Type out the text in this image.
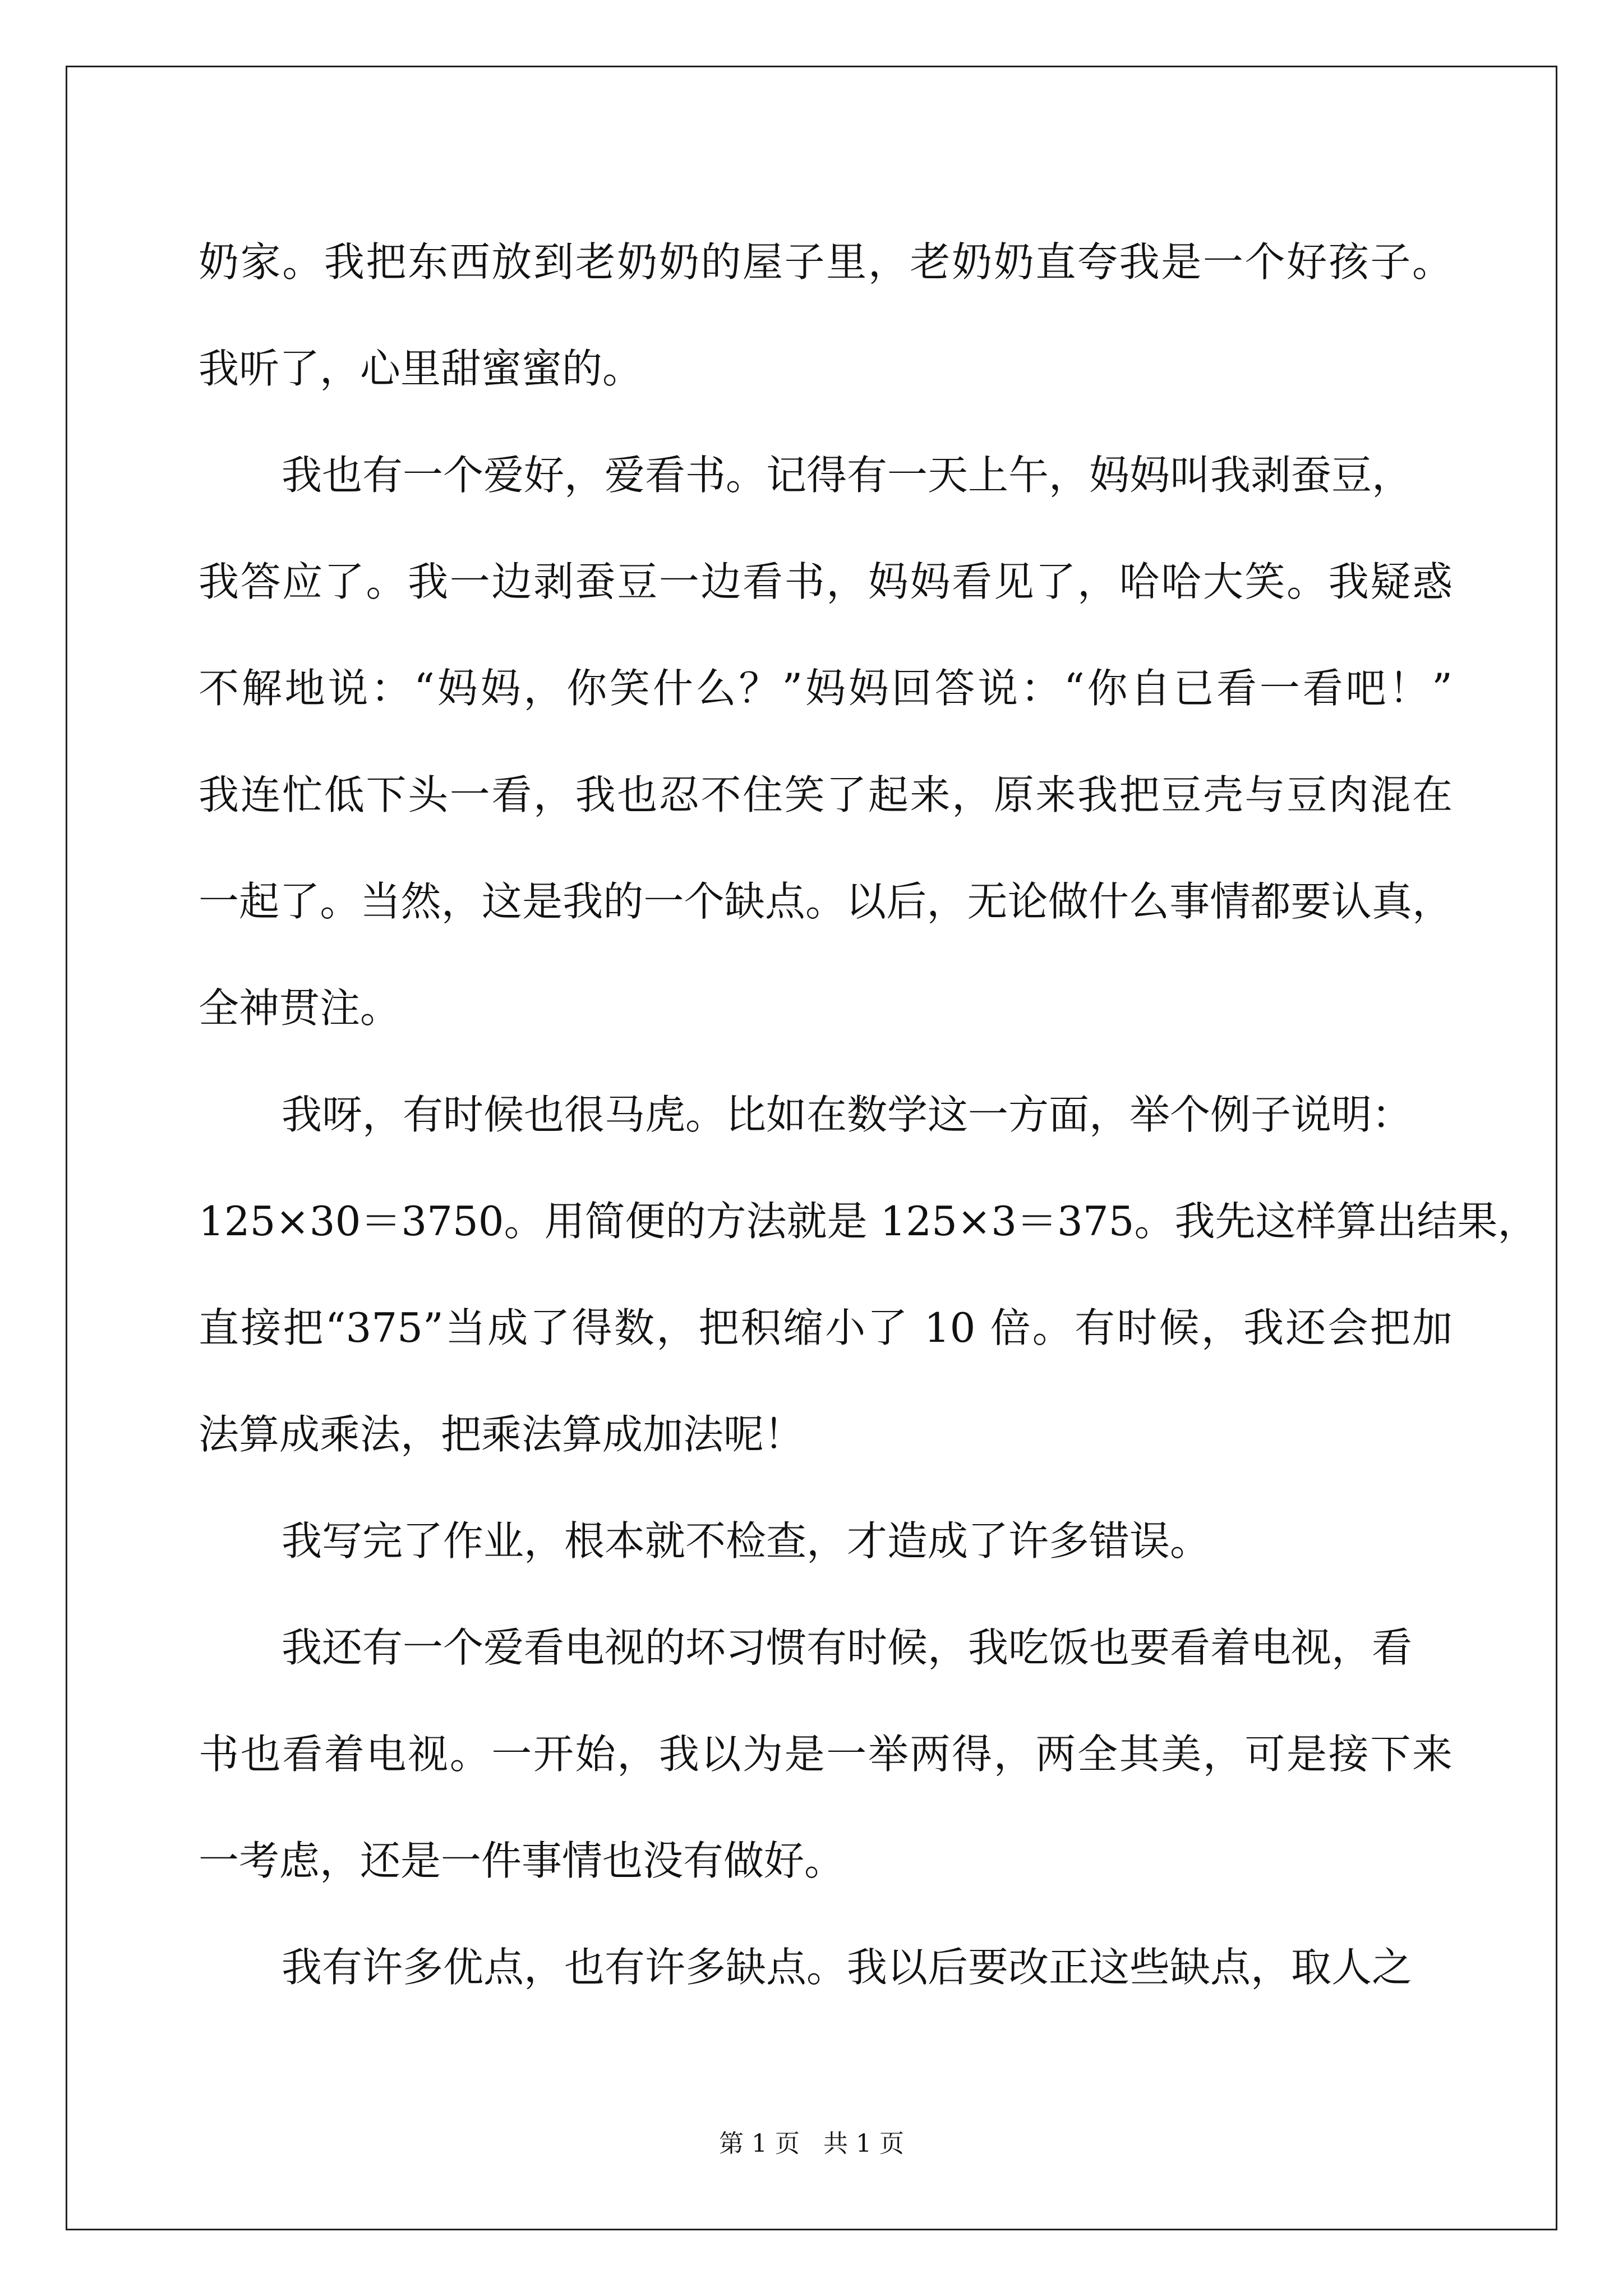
奶家。我把东西放到老奶奶的屋子里，老奶奶直夸我是一个好孩子。
我听了，心里甜蜜蜜的。
我也有一个爱好，爱看书。记得有一天上午，妈妈叫我剥蚕豆，
我答应了。我一边剥蚕豆一边看书，妈妈看见了，哈哈大笑。我疑惑
不解地说：“妈妈，你笑什么？”妈妈回答说：“你自已看一看吧！”
我连忙低下头一看，我也忍不住笑了起来，原来我把豆壳与豆肉混在
一起了。当然，这是我的一个缺点。以后，无论做什么事情都要认真，
全神贯注。
我呀，有时候也很马虎。比如在数学这一方面，举个例子说明：
125×30＝3750。用简便的方法就是 125×3＝375。我先这样算出结果，
直接把“375”当成了得数，把积缩小了 10 倍。有时候，我还会把加
法算成乘法，把乘法算成加法呢！
我写完了作业，根本就不检查，才造成了许多错误。
我还有一个爱看电视的坏习惯有时候，我吃饭也要看着电视，看
书也看着电视。一开始，我以为是一举两得，两全其美，可是接下来
一考虑，还是一件事情也没有做好。
我有许多优点，也有许多缺点。我以后要改正这些缺点，取人之
第 1 页 共 1 页
